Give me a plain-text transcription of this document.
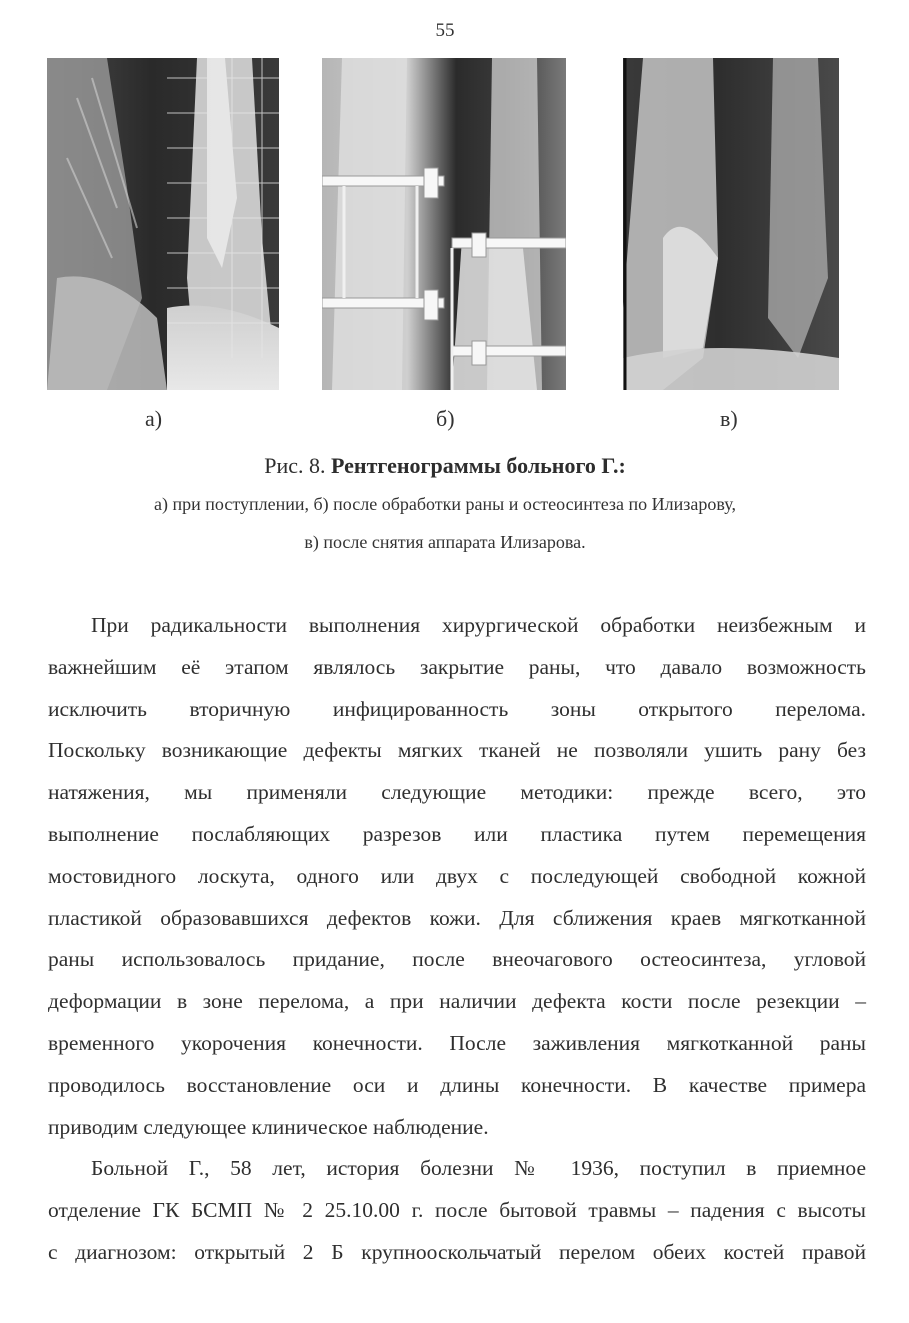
55
а)	б)	в)
Рис. 8. Рентгенограммы больного Г.:
а) при поступлении, б) после обработки раны и остеосинтеза по Илизарову,
в) после снятия аппарата Илизарова.
При радикальности выполнения хирургической обработки неизбежным и
важнейшим её этапом являлось закрытие раны, что давало возможность
исключить вторичную инфицированность зоны открытого перелома.
Поскольку возникающие дефекты мягких тканей не позволяли ушить рану без
натяжения, мы применяли следующие методики: прежде всего, это
выполнение послабляющих разрезов или пластика путем перемещения
мостовидного лоскута, одного или двух с последующей свободной кожной
пластикой образовавшихся дефектов кожи. Для сближения краев мягкотканной
раны использовалось придание, после внеочагового остеосинтеза, угловой
деформации в зоне перелома, а при наличии дефекта кости после резекции –
временного укорочения конечности. После заживления мягкотканной раны
проводилось восстановление оси и длины конечности. В качестве примера
приводим следующее клиническое наблюдение.
Больной Г., 58 лет, история болезни № 1936, поступил в приемное
отделение ГК БСМП № 2 25.10.00 г. после бытовой травмы – падения с высоты
с диагнозом: открытый 2 Б крупнооскольчатый перелом обеих костей правой
